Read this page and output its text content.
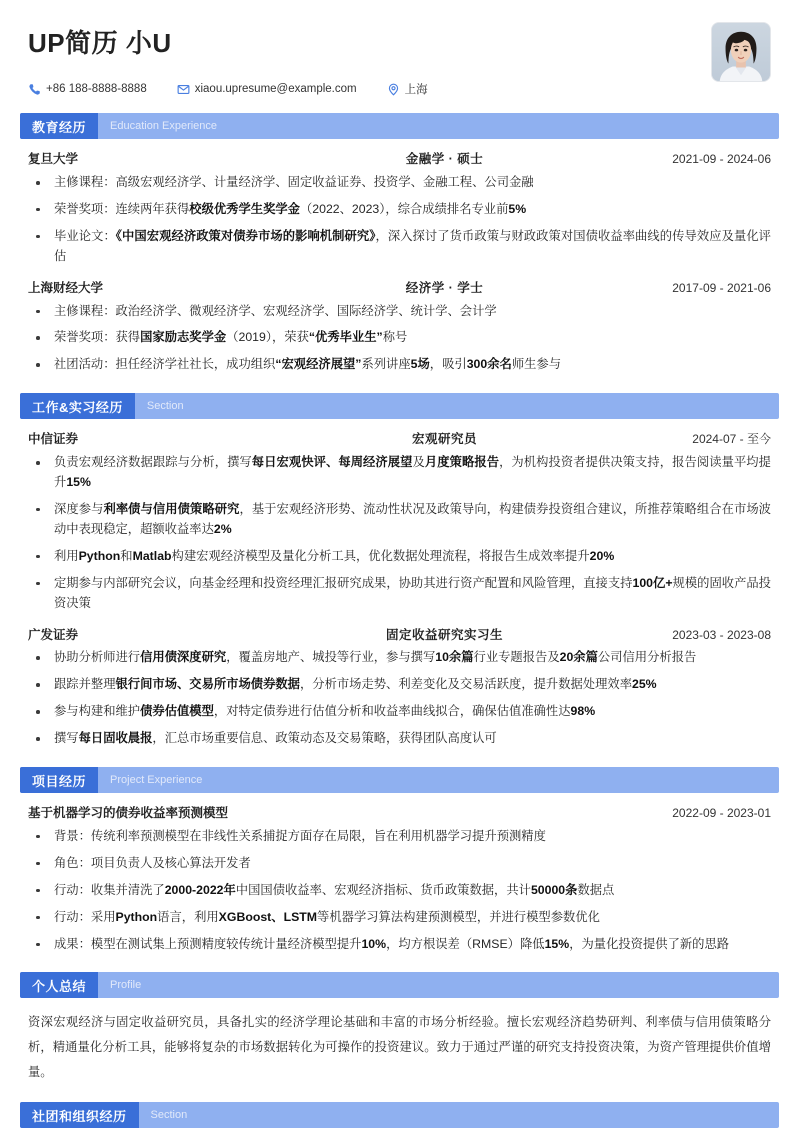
UP简历 小U
+86 188-8888-8888	xiaou.upresume@example.com	上海
教育经历	Education Experience
复旦大学	金融学 · 硕士	2021-09 - 2024-06
主修课程：高级宏观经济学、计量经济学、固定收益证券、投资学、金融工程、公司金融
荣誉奖项：连续两年获得校级优秀学生奖学金（2022、2023），综合成绩排名专业前5%
毕业论文：《中国宏观经济政策对债券市场的影响机制研究》，深入探讨了货币政策与财政政策对国债收益率曲线的传导效应及量化评估
上海财经大学	经济学 · 学士	2017-09 - 2021-06
主修课程：政治经济学、微观经济学、宏观经济学、国际经济学、统计学、会计学
荣誉奖项：获得国家励志奖学金（2019），荣获“优秀毕业生”称号
社团活动：担任经济学社社长，成功组织“宏观经济展望”系列讲座5场，吸引300余名师生参与
工作&实习经历	Section
中信证券	宏观研究员	2024-07 - 至今
负责宏观经济数据跟踪与分析，撰写每日宏观快评、每周经济展望及月度策略报告，为机构投资者提供决策支持，报告阅读量平均提升15%
深度参与利率债与信用债策略研究，基于宏观经济形势、流动性状况及政策导向，构建债券投资组合建议，所推荐策略组合在市场波动中表现稳定，超额收益率达2%
利用Python和Matlab构建宏观经济模型及量化分析工具，优化数据处理流程，将报告生成效率提升20%
定期参与内部研究会议，向基金经理和投资经理汇报研究成果，协助其进行资产配置和风险管理，直接支持100亿+规模的固收产品投资决策
广发证券	固定收益研究实习生	2023-03 - 2023-08
协助分析师进行信用债深度研究，覆盖房地产、城投等行业，参与撰写10余篇行业专题报告及20余篇公司信用分析报告
跟踪并整理银行间市场、交易所市场债券数据，分析市场走势、利差变化及交易活跃度，提升数据处理效率25%
参与构建和维护债券估值模型，对特定债券进行估值分析和收益率曲线拟合，确保估值准确性达98%
撰写每日固收晨报，汇总市场重要信息、政策动态及交易策略，获得团队高度认可
项目经历	Project Experience
基于机器学习的债券收益率预测模型	2022-09 - 2023-01
背景：传统利率预测模型在非线性关系捕捉方面存在局限，旨在利用机器学习提升预测精度
角色：项目负责人及核心算法开发者
行动：收集并清洗了2000-2022年中国国债收益率、宏观经济指标、货币政策数据，共计50000条数据点
行动：采用Python语言，利用XGBoost、LSTM等机器学习算法构建预测模型，并进行模型参数优化
成果：模型在测试集上预测精度较传统计量经济模型提升10%，均方根误差（RMSE）降低15%，为量化投资提供了新的思路
个人总结	Profile

资深宏观经济与固定收益研究员，具备扎实的经济学理论基础和丰富的市场分析经验。擅长宏观经济趋势研判、利率债与信用债策略分析，精通量化分析工具，能够将复杂的市场数据转化为可操作的投资建议。致力于通过严谨的研究支持投资决策，为资产管理提供价值增量。

社团和组织经历	Section
